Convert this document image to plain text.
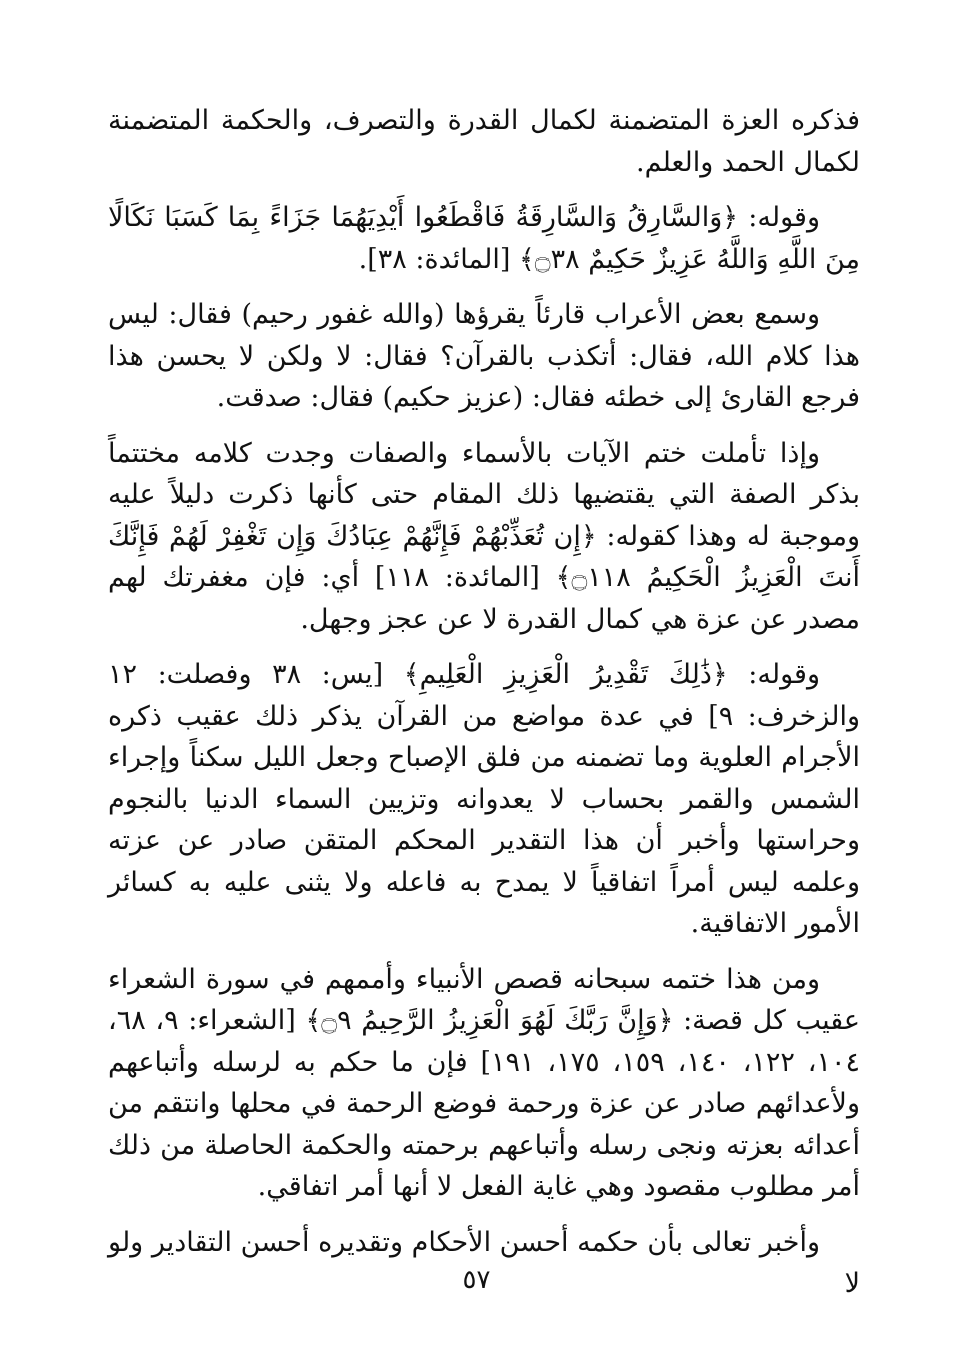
فذكره العزة المتضمنة لكمال القدرة والتصرف، والحكمة المتضمنة لكمال الحمد والعلم.

وقوله: ﴿وَالسَّارِقُ وَالسَّارِقَةُ فَاقْطَعُوا أَيْدِيَهُمَا جَزَاءً بِمَا كَسَبَا نَكَالًا مِنَ اللَّهِ وَاللَّهُ عَزِيزٌ حَكِيمٌ ۝٣٨﴾ [المائدة: ٣٨].

وسمع بعض الأعراب قارئاً يقرؤها (والله غفور رحيم) فقال: ليس هذا كلام الله، فقال: أتكذب بالقرآن؟ فقال: لا ولكن لا يحسن هذا فرجع القارئ إلى خطئه فقال: (عزيز حكيم) فقال: صدقت.

وإذا تأملت ختم الآيات بالأسماء والصفات وجدت كلامه مختتماً بذكر الصفة التي يقتضيها ذلك المقام حتى كأنها ذكرت دليلاً عليه وموجبة له وهذا كقوله: ﴿إِن تُعَذِّبْهُمْ فَإِنَّهُمْ عِبَادُكَ وَإِن تَغْفِرْ لَهُمْ فَإِنَّكَ أَنتَ الْعَزِيزُ الْحَكِيمُ ۝١١٨﴾ [المائدة: ١١٨] أي: فإن مغفرتك لهم مصدر عن عزة هي كمال القدرة لا عن عجز وجهل.

وقوله: ﴿ذَٰلِكَ تَقْدِيرُ الْعَزِيزِ الْعَلِيمِ﴾ [يس: ٣٨ وفصلت: ١٢ والزخرف: ٩] في عدة مواضع من القرآن يذكر ذلك عقيب ذكره الأجرام العلوية وما تضمنه من فلق الإصباح وجعل الليل سكناً وإجراء الشمس والقمر بحساب لا يعدوانه وتزيين السماء الدنيا بالنجوم وحراستها وأخبر أن هذا التقدير المحكم المتقن صادر عن عزته وعلمه ليس أمراً اتفاقياً لا يمدح به فاعله ولا يثنى عليه به كسائر الأمور الاتفاقية.

ومن هذا ختمه سبحانه قصص الأنبياء وأممهم في سورة الشعراء عقيب كل قصة: ﴿وَإِنَّ رَبَّكَ لَهُوَ الْعَزِيزُ الرَّحِيمُ ۝٩﴾ [الشعراء: ٩، ٦٨، ١٠٤، ١٢٢، ١٤٠، ١٥٩، ١٧٥، ١٩١] فإن ما حكم به لرسله وأتباعهم ولأعدائهم صادر عن عزة ورحمة فوضع الرحمة في محلها وانتقم من أعدائه بعزته ونجى رسله وأتباعهم برحمته والحكمة الحاصلة من ذلك أمر مطلوب مقصود وهي غاية الفعل لا أنها أمر اتفاقي.

وأخبر تعالى بأن حكمه أحسن الأحكام وتقديره أحسن التقادير ولو لا

٥٧
